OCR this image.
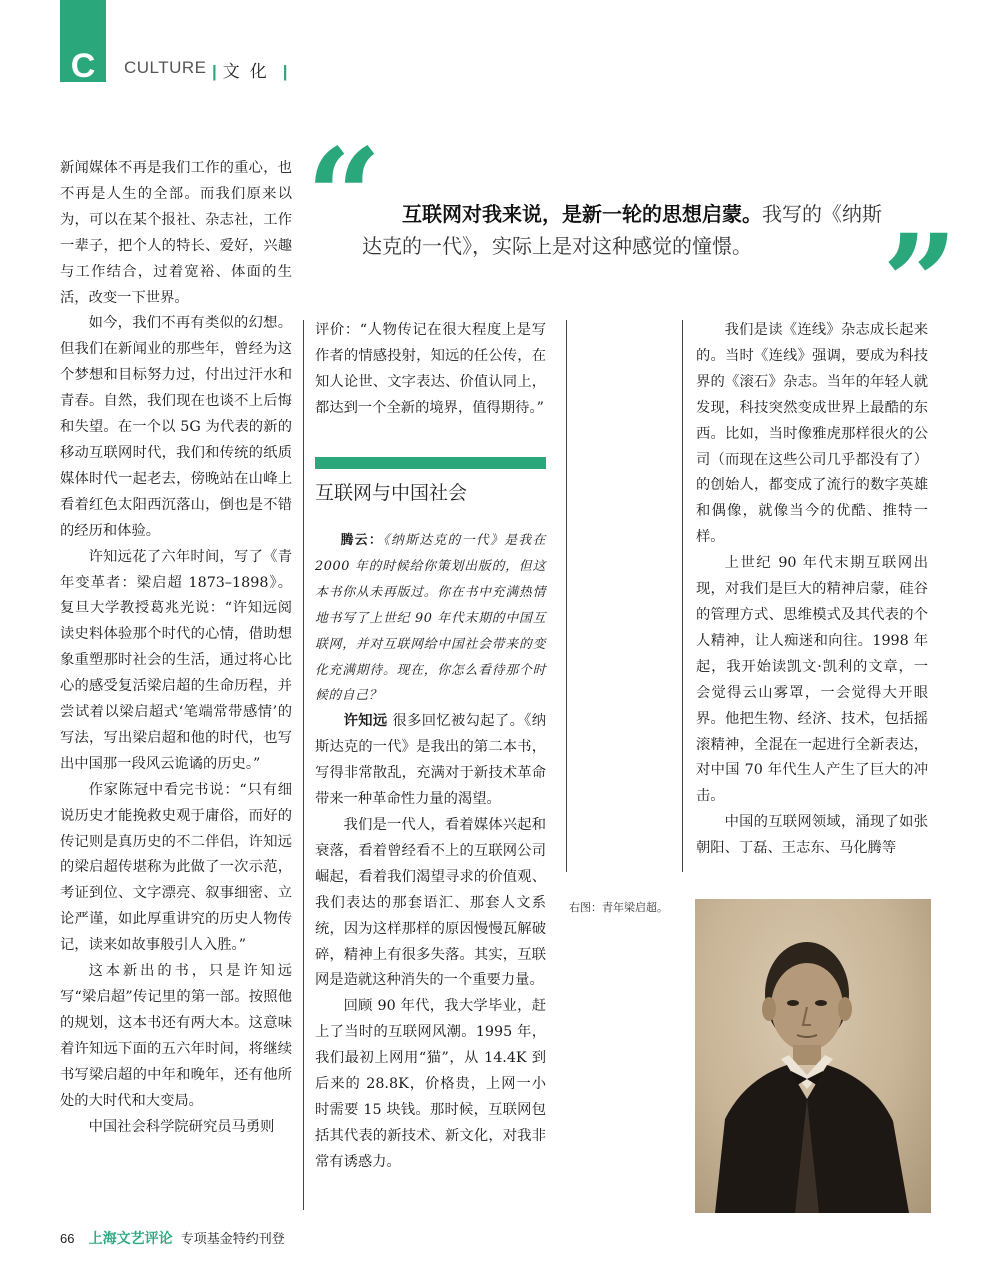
C	CULTURE | 文化 |
“	互联网对我来说，是新一轮的思想启蒙。我写的《纳斯达克的一代》，实际上是对这种感觉的憧憬。 ”

新闻媒体不再是我们工作的重心，也不再是人生的全部。而我们原来以为，可以在某个报社、杂志社，工作一辈子，把个人的特长、爱好，兴趣与工作结合，过着宽裕、体面的生活，改变一下世界。

如今，我们不再有类似的幻想。但我们在新闻业的那些年，曾经为这个梦想和目标努力过，付出过汗水和青春。自然，我们现在也谈不上后悔和失望。在一个以 5G 为代表的新的移动互联网时代，我们和传统的纸质媒体时代一起老去，傍晚站在山峰上看着红色太阳西沉落山，倒也是不错的经历和体验。

许知远花了六年时间，写了《青年变革者：梁启超 1873–1898》。复旦大学教授葛兆光说：“许知远阅读史料体验那个时代的心情，借助想象重塑那时社会的生活，通过将心比心的感受复活梁启超的生命历程，并尝试着以梁启超式‘笔端常带感情’的写法，写出梁启超和他的时代，也写出中国那一段风云诡谲的历史。”

作家陈冠中看完书说：“只有细说历史才能挽救史观于庸俗，而好的传记则是真历史的不二伴侣，许知远的梁启超传堪称为此做了一次示范，考证到位、文字漂亮、叙事细密、立论严谨，如此厚重讲究的历史人物传记，读来如故事般引人入胜。”

这本新出的书，只是许知远写“梁启超”传记里的第一部。按照他的规划，这本书还有两大本。这意味着许知远下面的五六年时间，将继续书写梁启超的中年和晚年，还有他所处的大时代和大变局。

中国社会科学院研究员马勇则

评价：“人物传记在很大程度上是写作者的情感投射，知远的任公传，在知人论世、文字表达、价值认同上，都达到一个全新的境界，值得期待。”

互联网与中国社会

腾云：《纳斯达克的一代》是我在 2000 年的时候给你策划出版的，但这本书你从未再版过。你在书中充满热情地书写了上世纪 90 年代末期的中国互联网，并对互联网给中国社会带来的变化充满期待。现在，你怎么看待那个时候的自己？

许知远 很多回忆被勾起了。《纳斯达克的一代》是我出的第二本书，写得非常散乱，充满对于新技术革命带来一种革命性力量的渴望。

我们是一代人，看着媒体兴起和衰落，看着曾经看不上的互联网公司崛起，看着我们渴望寻求的价值观、我们表达的那套语汇、那套人文系统，因为这样那样的原因慢慢瓦解破碎，精神上有很多失落。其实，互联网是造就这种消失的一个重要力量。

回顾 90 年代，我大学毕业，赶上了当时的互联网风潮。1995 年，我们最初上网用“猫”，从 14.4K 到后来的 28.8K，价格贵，上网一小时需要 15 块钱。那时候，互联网包括其代表的新技术、新文化，对我非常有诱惑力。

我们是读《连线》杂志成长起来的。当时《连线》强调，要成为科技界的《滚石》杂志。当年的年轻人就发现，科技突然变成世界上最酷的东西。比如，当时像雅虎那样很火的公司（而现在这些公司几乎都没有了）的创始人，都变成了流行的数字英雄和偶像，就像当今的优酷、推特一样。

上世纪 90 年代末期互联网出现，对我们是巨大的精神启蒙，硅谷的管理方式、思维模式及其代表的个人精神，让人痴迷和向往。1998 年起，我开始读凯文·凯利的文章，一会觉得云山雾罩，一会觉得大开眼界。他把生物、经济、技术，包括摇滚精神，全混在一起进行全新表达，对中国 70 年代生人产生了巨大的冲击。

中国的互联网领域，涌现了如张朝阳、丁磊、王志东、马化腾等

右图：青年梁启超。
66 上海文艺评论 专项基金特约刊登
